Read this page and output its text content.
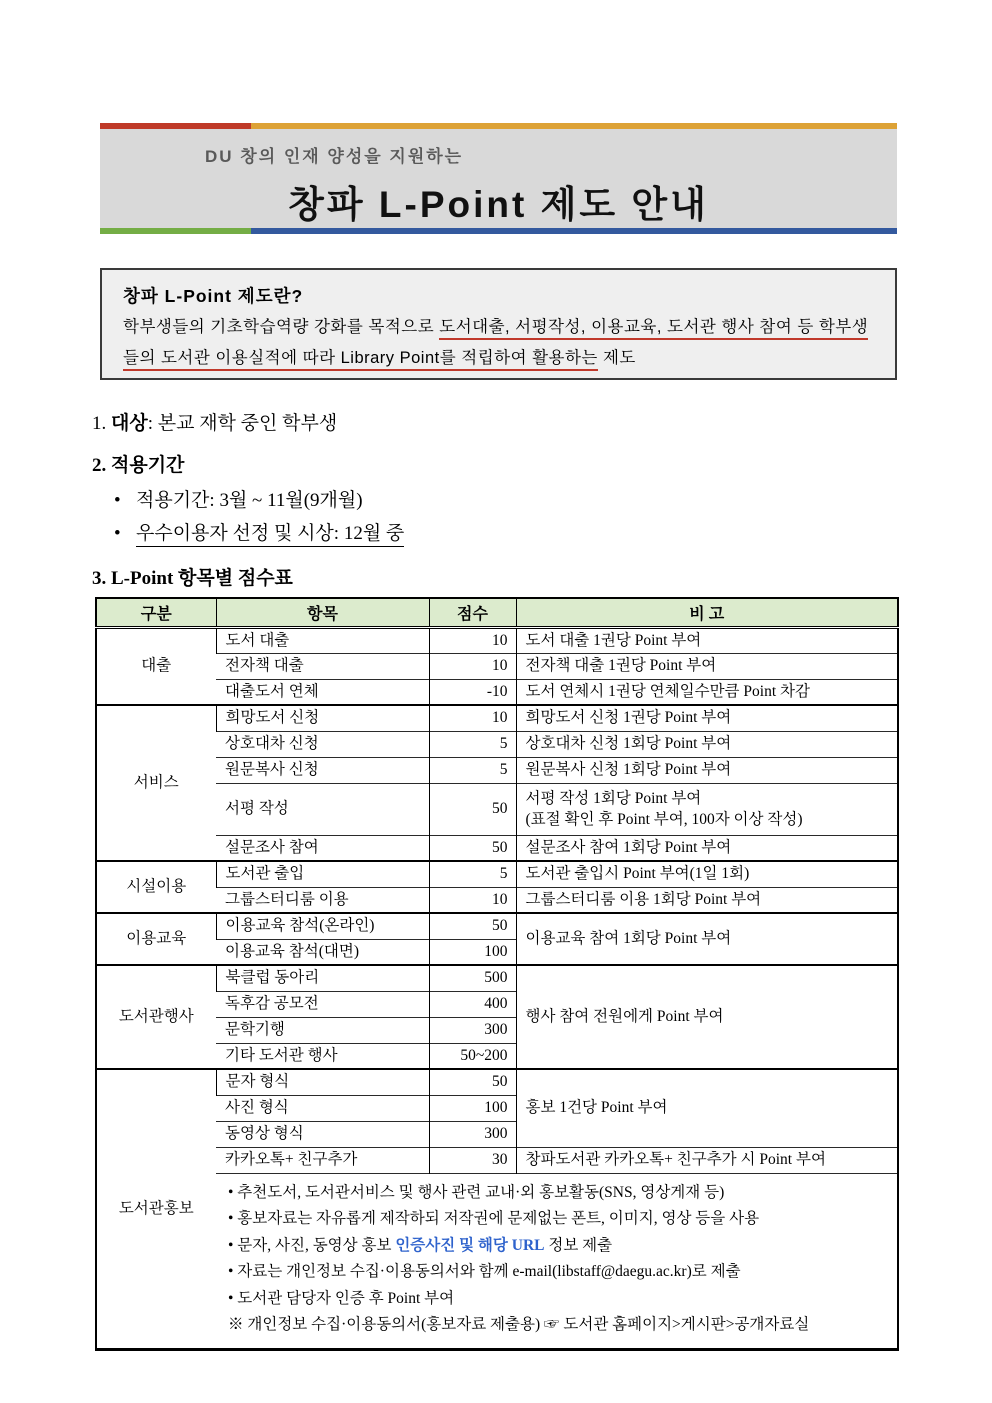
DU 창의 인재 양성을 지원하는
창파 L-Point 제도 안내
창파 L-Point 제도란?
학부생들의 기초학습역량 강화를 목적으로 도서대출, 서평작성, 이용교육, 도서관 행사 참여 등 학부생
들의 도서관 이용실적에 따라 Library Point를 적립하여 활용하는 제도
1. 대상: 본교 재학 중인 학부생
2. 적용기간
• 적용기간: 3월 ~ 11월(9개월)
• 우수이용자 선정 및 시상: 12월 중
3. L-Point 항목별 점수표
구분	항목	점수	비 고
대출	도서 대출	10	도서 대출 1권당 Point 부여
	전자책 대출	10	전자책 대출 1권당 Point 부여
	대출도서 연체	-10	도서 연체시 1권당 연체일수만큼 Point 차감
서비스	희망도서 신청	10	희망도서 신청 1권당 Point 부여
	상호대차 신청	5	상호대차 신청 1회당 Point 부여
	원문복사 신청	5	원문복사 신청 1회당 Point 부여
	서평 작성	50	서평 작성 1회당 Point 부여
(표절 확인 후 Point 부여, 100자 이상 작성)

	설문조사 참여	50	설문조사 참여 1회당 Point 부여
시설이용	도서관 출입	5	도서관 출입시 Point 부여(1일 1회)
	그룹스터디룸 이용	10	그룹스터디룸 이용 1회당 Point 부여
이용교육	이용교육 참석(온라인)	50	이용교육 참여 1회당 Point 부여
	이용교육 참석(대면)	100	
도서관행사	북클럽 동아리	500	행사 참여 전원에게 Point 부여
	독후감 공모전	400	
	문학기행	300	
	기타 도서관 행사	50~200	
도서관홍보	문자 형식	50	홍보 1건당 Point 부여
	사진 형식	100	
	동영상 형식	300	
	카카오톡+ 친구추가	30	창파도서관 카카오톡+ 친구추가 시 Point 부여

• 추천도서, 도서관서비스 및 행사 관련 교내·외 홍보활동(SNS, 영상게재 등)
• 홍보자료는 자유롭게 제작하되 저작권에 문제없는 폰트, 이미지, 영상 등을 사용
• 문자, 사진, 동영상 홍보 인증사진 및 해당 URL 정보 제출
• 자료는 개인정보 수집·이용동의서와 함께 e-mail(libstaff@daegu.ac.kr)로 제출
• 도서관 담당자 인증 후 Point 부여
※ 개인정보 수집·이용동의서(홍보자료 제출용) ☞ 도서관 홈페이지>게시판>공개자료실
